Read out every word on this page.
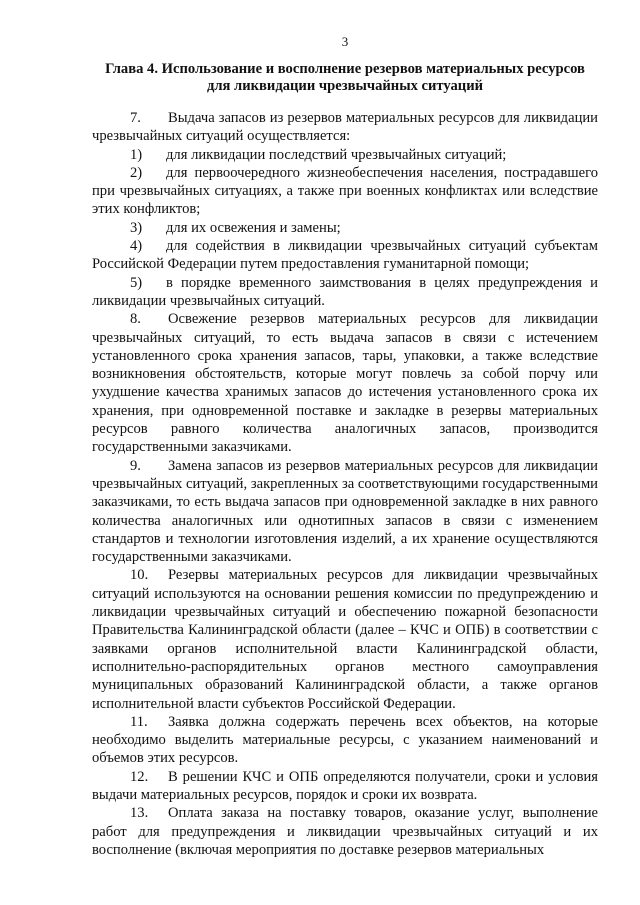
3
Глава 4. Использование и восполнение резервов материальных ресурсов для ликвидации чрезвычайных ситуаций

7. Выдача запасов из резервов материальных ресурсов для ликвидации чрезвычайных ситуаций осуществляется:

1) для ликвидации последствий чрезвычайных ситуаций;

2) для первоочередного жизнеобеспечения населения, пострадавшего при чрезвычайных ситуациях, а также при военных конфликтах или вследствие этих конфликтов;

3) для их освежения и замены;

4) для содействия в ликвидации чрезвычайных ситуаций субъектам Российской Федерации путем предоставления гуманитарной помощи;

5) в порядке временного заимствования в целях предупреждения и ликвидации чрезвычайных ситуаций.

8. Освежение резервов материальных ресурсов для ликвидации чрезвычайных ситуаций, то есть выдача запасов в связи с истечением установленного срока хранения запасов, тары, упаковки, а также вследствие возникновения обстоятельств, которые могут повлечь за собой порчу или ухудшение качества хранимых запасов до истечения установленного срока их хранения, при одновременной поставке и закладке в резервы материальных ресурсов равного количества аналогичных запасов, производится государственными заказчиками.

9. Замена запасов из резервов материальных ресурсов для ликвидации чрезвычайных ситуаций, закрепленных за соответствующими государственными заказчиками, то есть выдача запасов при одновременной закладке в них равного количества аналогичных или однотипных запасов в связи с изменением стандартов и технологии изготовления изделий, а их хранение осуществляются государственными заказчиками.

10. Резервы материальных ресурсов для ликвидации чрезвычайных ситуаций используются на основании решения комиссии по предупреждению и ликвидации чрезвычайных ситуаций и обеспечению пожарной безопасности Правительства Калининградской области (далее – КЧС и ОПБ) в соответствии с заявками органов исполнительной власти Калининградской области, исполнительно-распорядительных органов местного самоуправления муниципальных образований Калининградской области, а также органов исполнительной власти субъектов Российской Федерации.

11. Заявка должна содержать перечень всех объектов, на которые необходимо выделить материальные ресурсы, с указанием наименований и объемов этих ресурсов.

12. В решении КЧС и ОПБ определяются получатели, сроки и условия выдачи материальных ресурсов, порядок и сроки их возврата.

13. Оплата заказа на поставку товаров, оказание услуг, выполнение работ для предупреждения и ликвидации чрезвычайных ситуаций и их восполнение (включая мероприятия по доставке резервов материальных
